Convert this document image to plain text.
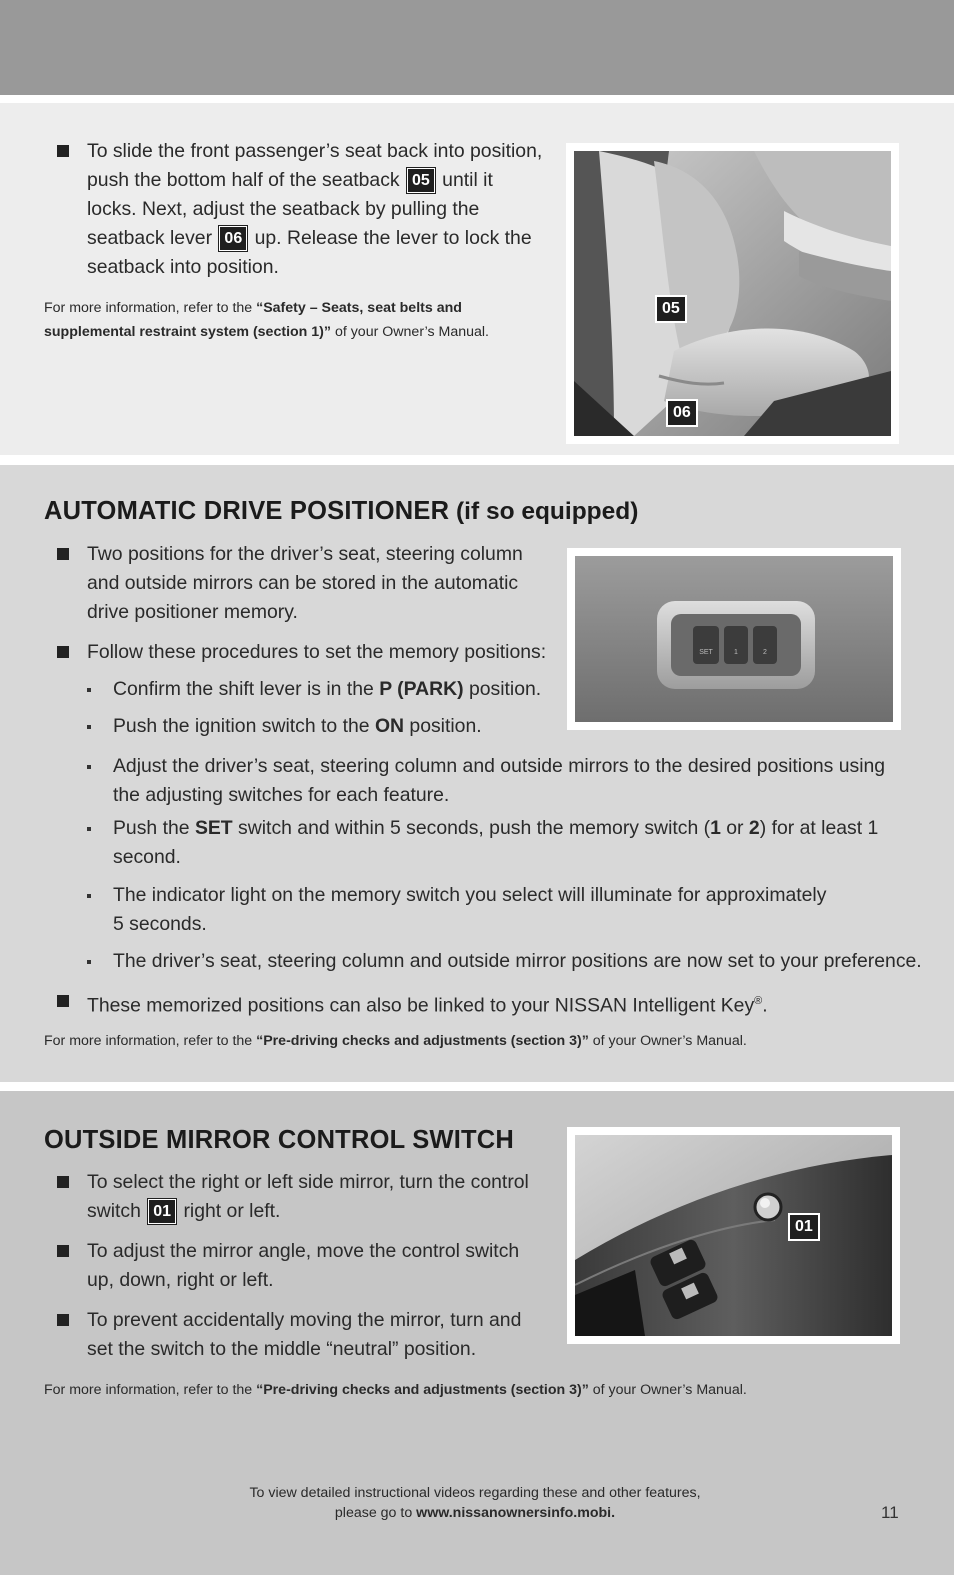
To slide the front passenger’s seat back into position, push the bottom half of the seatback 05 until it locks. Next, adjust the seatback by pulling the seatback lever 06 up. Release the lever to lock the seatback into position.
For more information, refer to the “Safety – Seats, seat belts and supplemental restraint system (section 1)” of your Owner’s Manual.
05
06
AUTOMATIC DRIVE POSITIONER (if so equipped)
Two positions for the driver’s seat, steering column and outside mirrors can be stored in the automatic drive positioner memory.
Follow these procedures to set the memory positions:
Confirm the shift lever is in the P (PARK) position.
Push the ignition switch to the ON position.
SET	1	2
Adjust the driver’s seat, steering column and outside mirrors to the desired positions using the adjusting switches for each feature.
Push the SET switch and within 5 seconds, push the memory switch (1 or 2) for at least 1 second.
The indicator light on the memory switch you select will illuminate for approximately 5 seconds.
The driver’s seat, steering column and outside mirror positions are now set to your preference.
These memorized positions can also be linked to your NISSAN Intelligent Key®.
For more information, refer to the “Pre-driving checks and adjustments (section 3)” of your Owner’s Manual.
OUTSIDE MIRROR CONTROL SWITCH
To select the right or left side mirror, turn the control switch 01 right or left.
To adjust the mirror angle, move the control switch up, down, right or left.
To prevent accidentally moving the mirror, turn and set the switch to the middle “neutral” position.
01
For more information, refer to the “Pre-driving checks and adjustments (section 3)” of your Owner’s Manual.
To view detailed instructional videos regarding these and other features,
please go to www.nissanownersinfo.mobi.	11
